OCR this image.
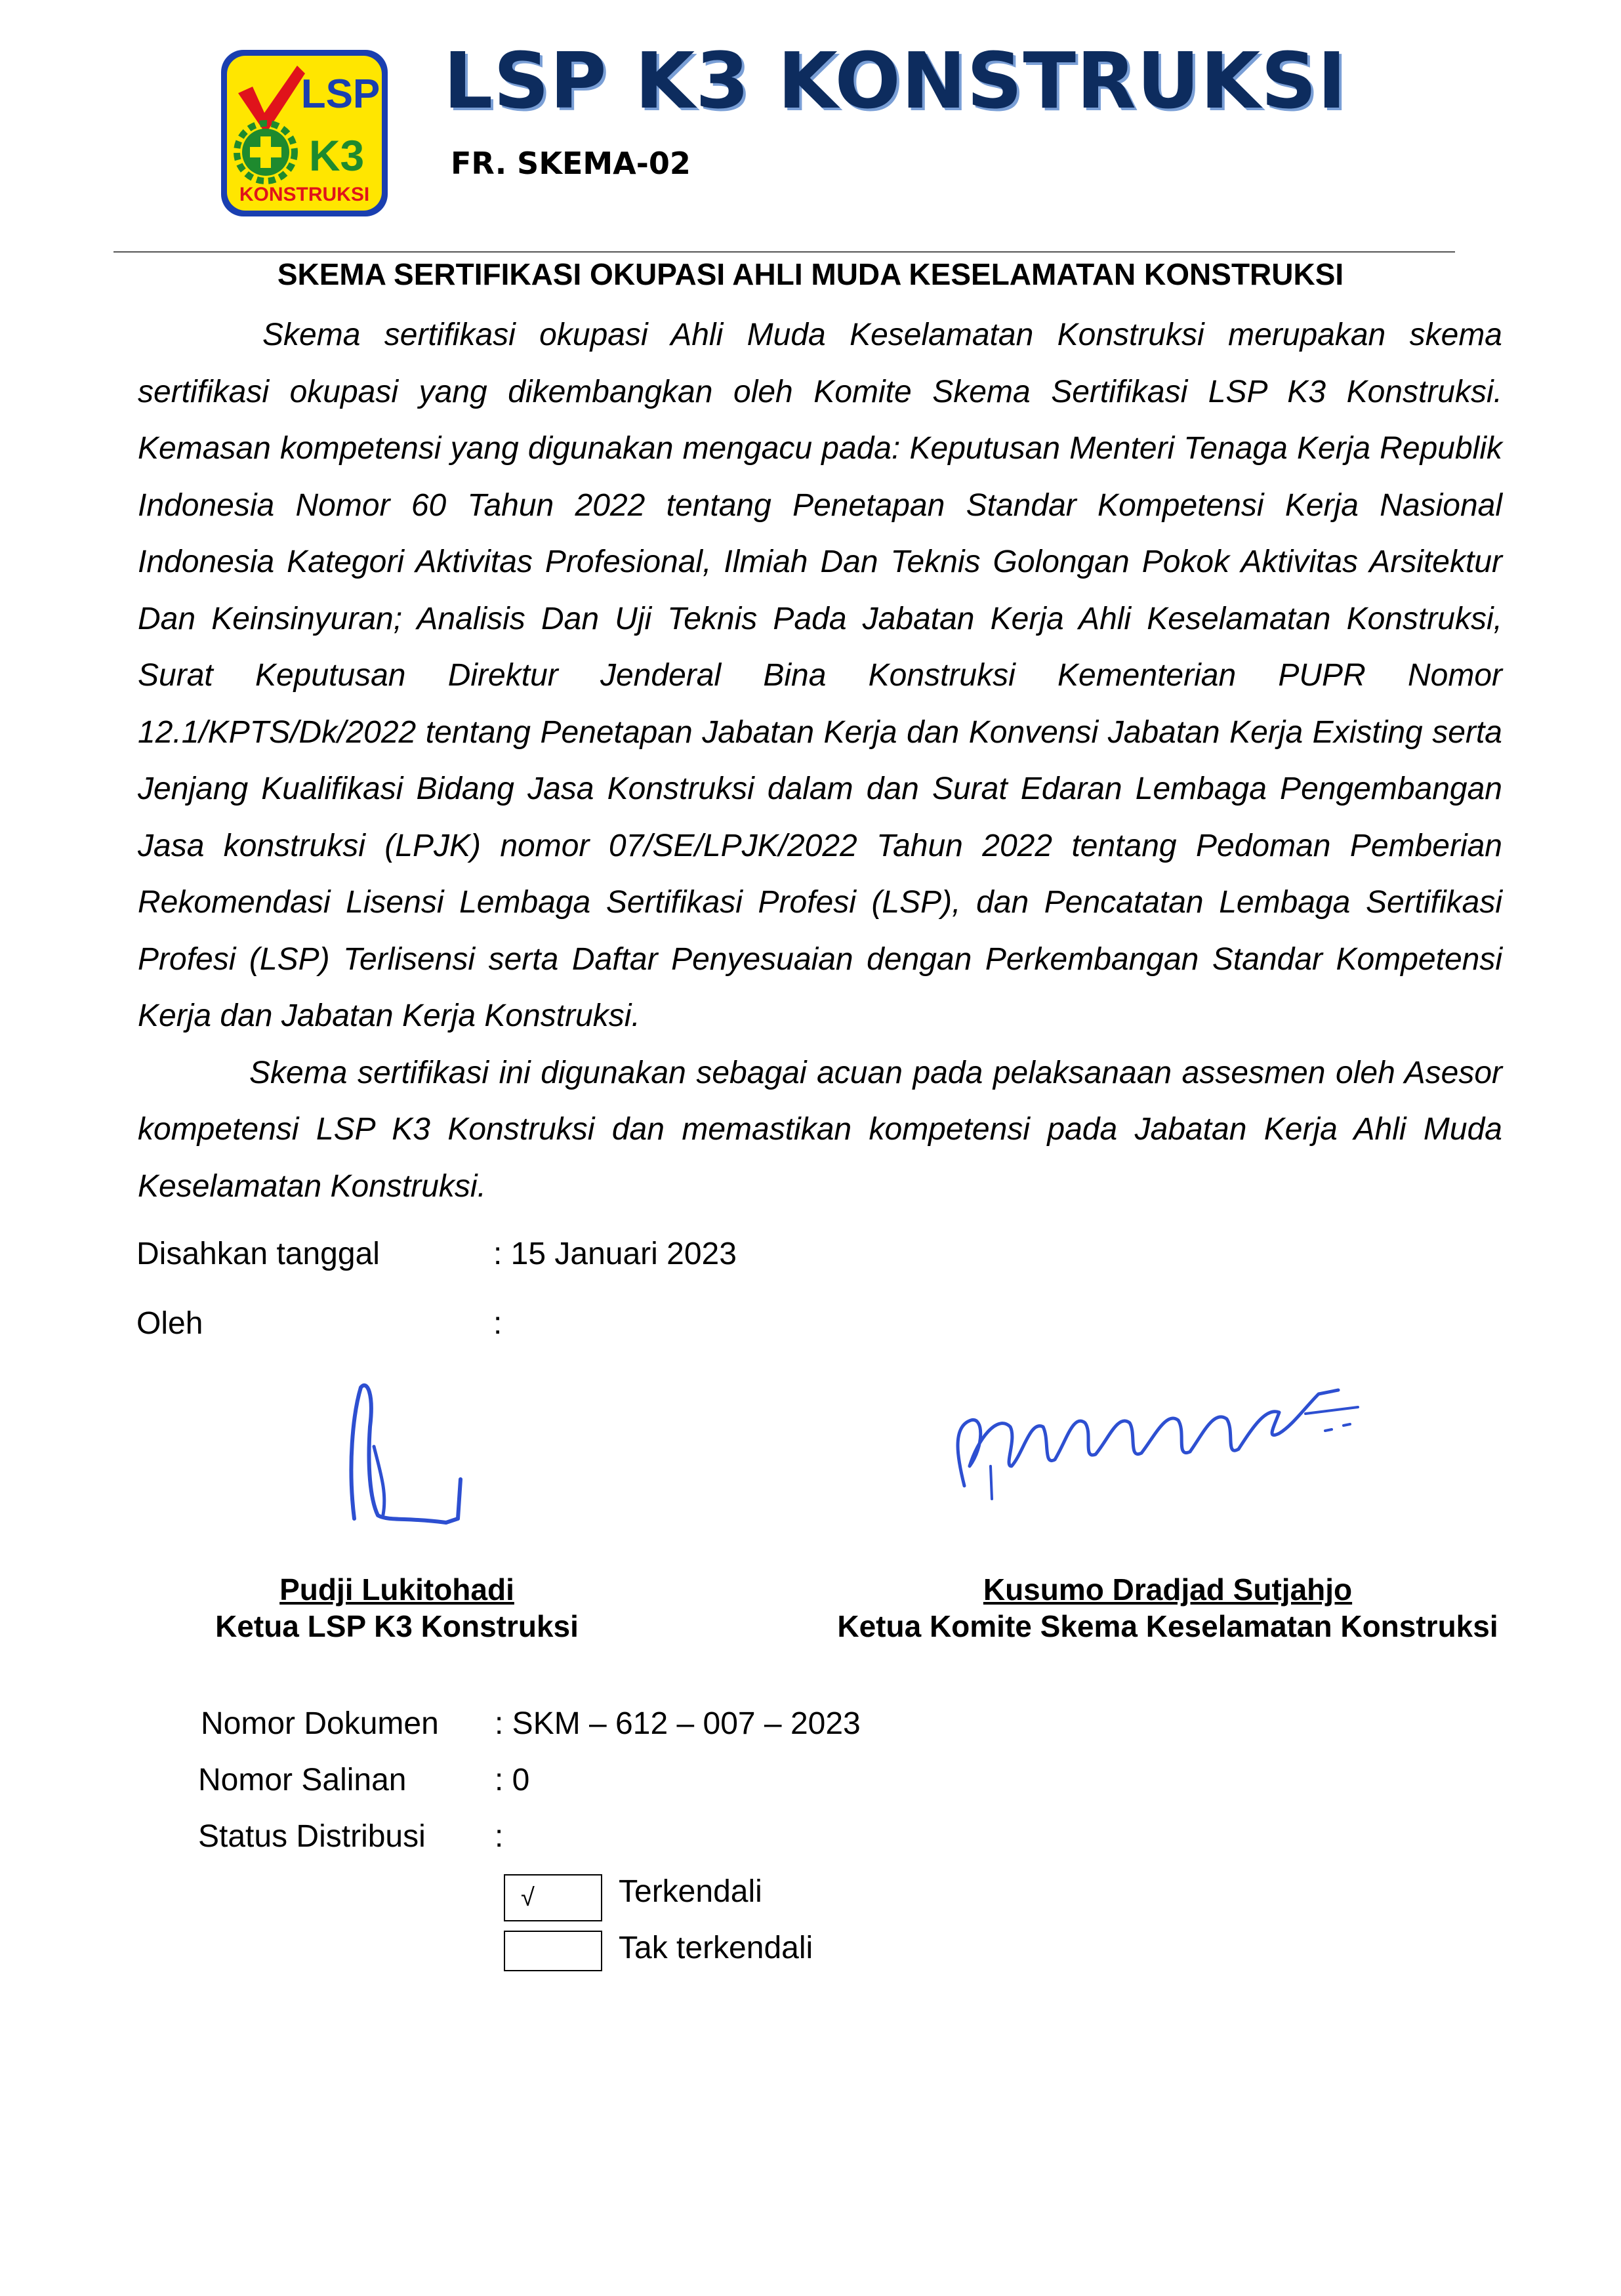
LSP
K3
KONSTRUKSI
LSP K3 KONSTRUKSI
FR. SKEMA-02
SKEMA SERTIFIKASI OKUPASI AHLI MUDA KESELAMATAN KONSTRUKSI

Skema sertifikasi okupasi Ahli Muda Keselamatan Konstruksi merupakan skema sertifikasi okupasi yang dikembangkan oleh Komite Skema Sertifikasi LSP K3 Konstruksi. Kemasan kompetensi yang digunakan mengacu pada: Keputusan Menteri Tenaga Kerja Republik Indonesia Nomor 60 Tahun 2022 tentang Penetapan Standar Kompetensi Kerja Nasional Indonesia Kategori Aktivitas Profesional, Ilmiah Dan Teknis Golongan Pokok Aktivitas Arsitektur Dan Keinsinyuran; Analisis Dan Uji Teknis Pada Jabatan Kerja Ahli Keselamatan Konstruksi, Surat Keputusan Direktur Jenderal Bina Konstruksi Kementerian PUPR Nomor 12.1/KPTS/Dk/2022 tentang Penetapan Jabatan Kerja dan Konvensi Jabatan Kerja Existing serta Jenjang Kualifikasi Bidang Jasa Konstruksi dalam dan Surat Edaran Lembaga Pengembangan Jasa konstruksi (LPJK) nomor 07/SE/LPJK/2022 Tahun 2022 tentang Pedoman Pemberian Rekomendasi Lisensi Lembaga Sertifikasi Profesi (LSP), dan Pencatatan Lembaga Sertifikasi Profesi (LSP) Terlisensi serta Daftar Penyesuaian dengan Perkembangan Standar Kompetensi Kerja dan Jabatan Kerja Konstruksi.

Skema sertifikasi ini digunakan sebagai acuan pada pelaksanaan assesmen oleh Asesor kompetensi LSP K3 Konstruksi dan memastikan kompetensi pada Jabatan Kerja Ahli Muda Keselamatan Konstruksi.

Disahkan tanggal	: 15 Januari 2023
Oleh	:
Pudji Lukitohadi
Ketua LSP K3 Konstruksi
Kusumo Dradjad Sutjahjo
Ketua Komite Skema Keselamatan Konstruksi
Nomor Dokumen : SKM – 612 – 007 – 2023
Nomor Salinan	: 0
Status Distribusi :
√	Terkendali
Tak terkendali
